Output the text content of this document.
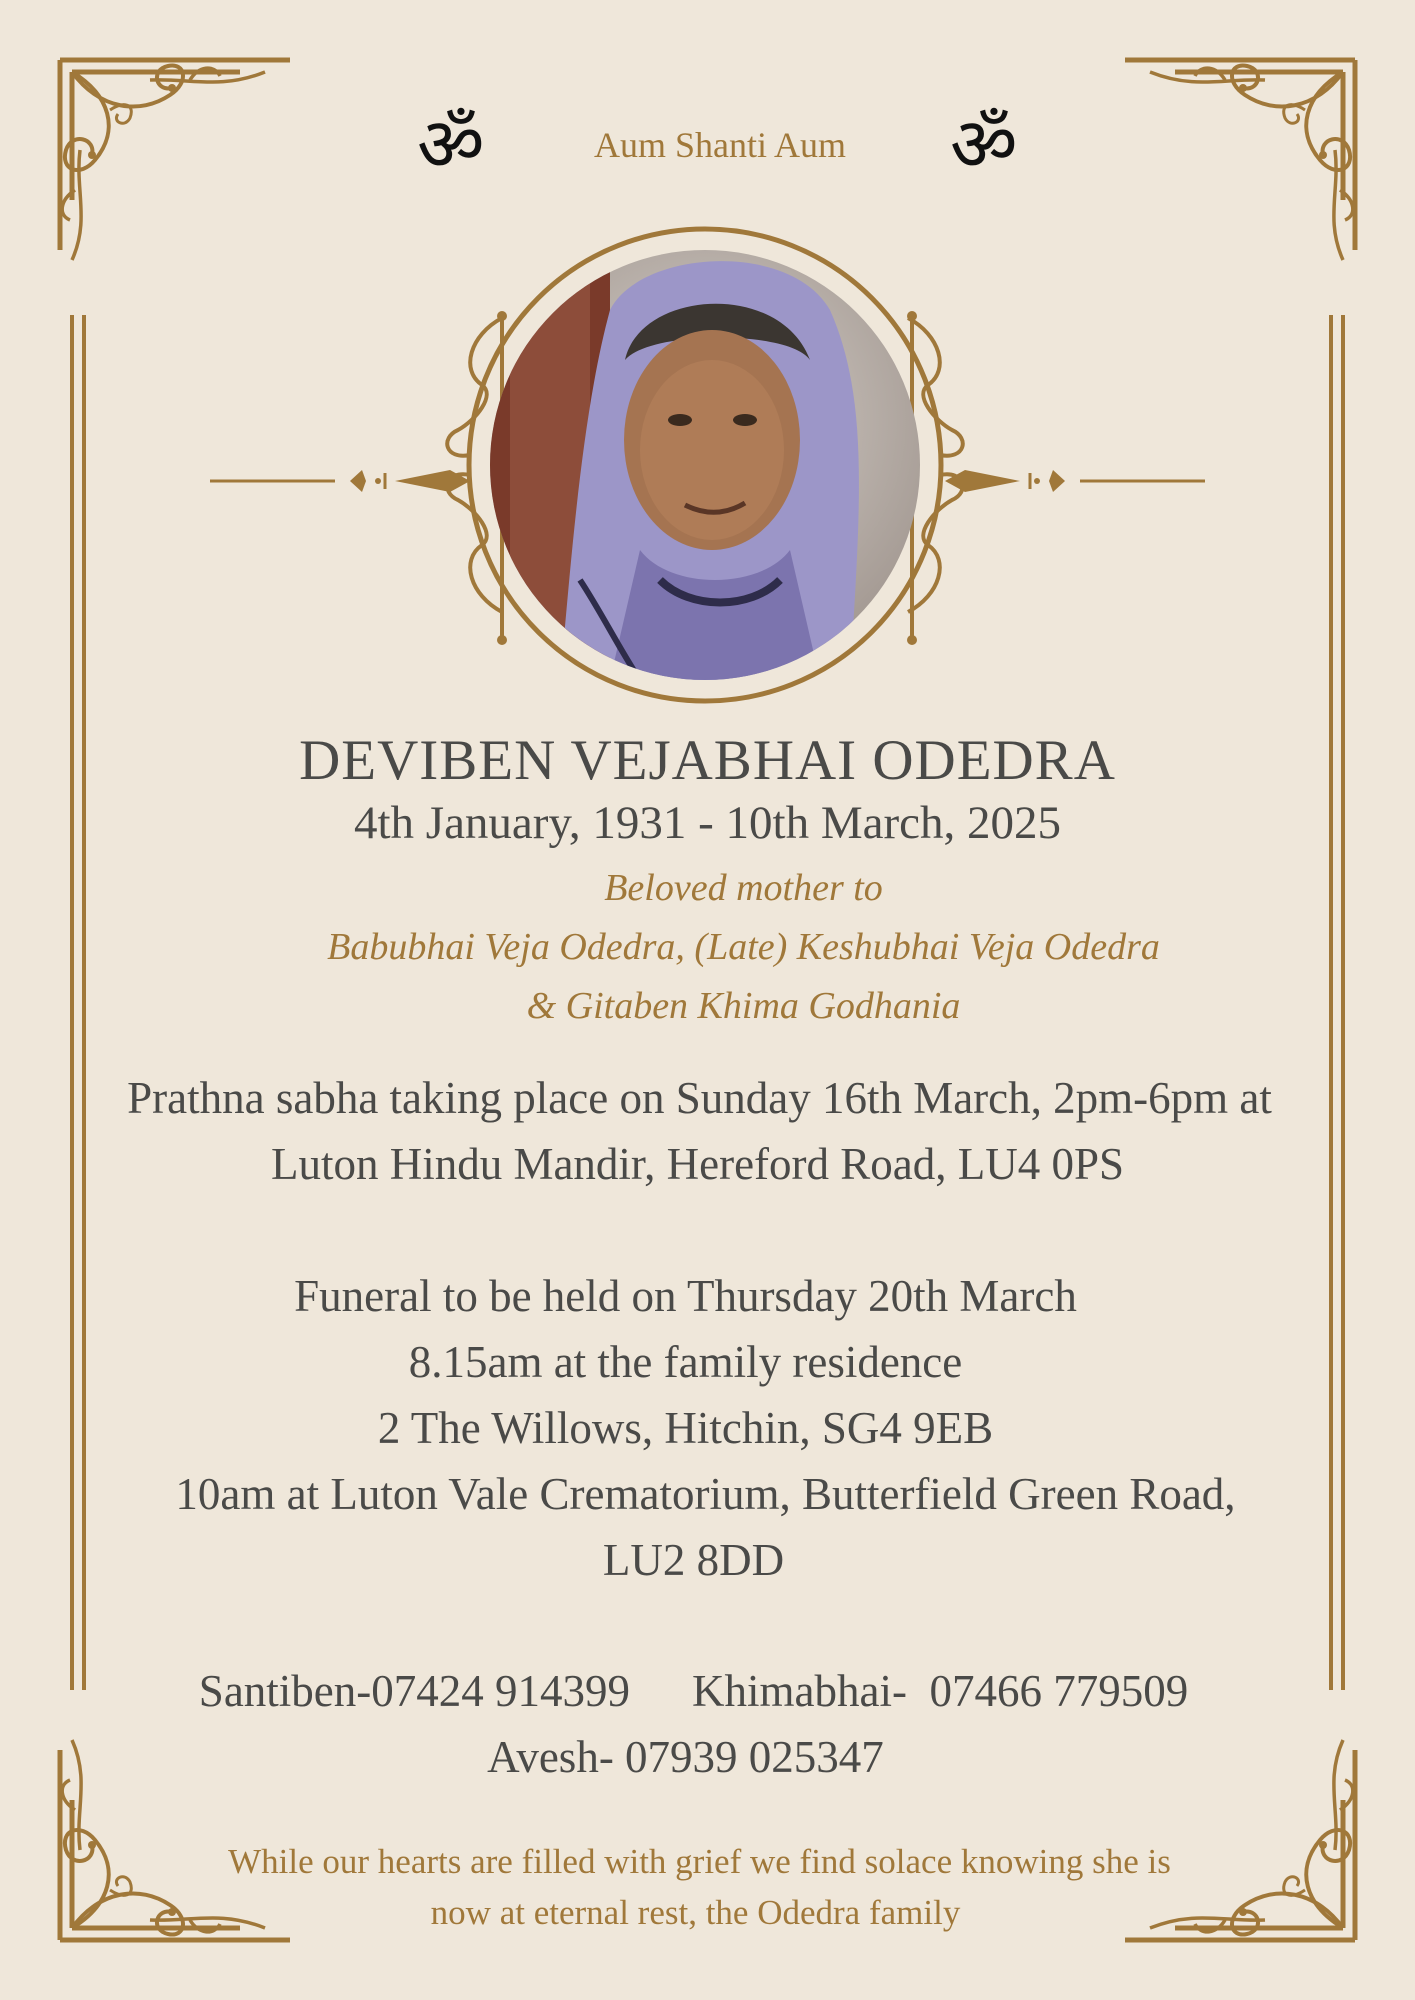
ॐ	Aum Shanti Aum	ॐ
DEVIBEN VEJABHAI ODEDRA
4th January, 1931 - 10th March, 2025
Beloved mother to
Babubhai Veja Odedra, (Late) Keshubhai Veja Odedra
& Gitaben Khima Godhania
Prathna sabha taking place on Sunday 16th March, 2pm-6pm at
Luton Hindu Mandir, Hereford Road, LU4 0PS
Funeral to be held on Thursday 20th March
8.15am at the family residence
2 The Willows, Hitchin, SG4 9EB
10am at Luton Vale Crematorium, Butterfield Green Road,
LU2 8DD
Santiben-07424 914399 Khimabhai-  07466 779509
Avesh- 07939 025347
While our hearts are filled with grief we find solace knowing she is
now at eternal rest, the Odedra family
